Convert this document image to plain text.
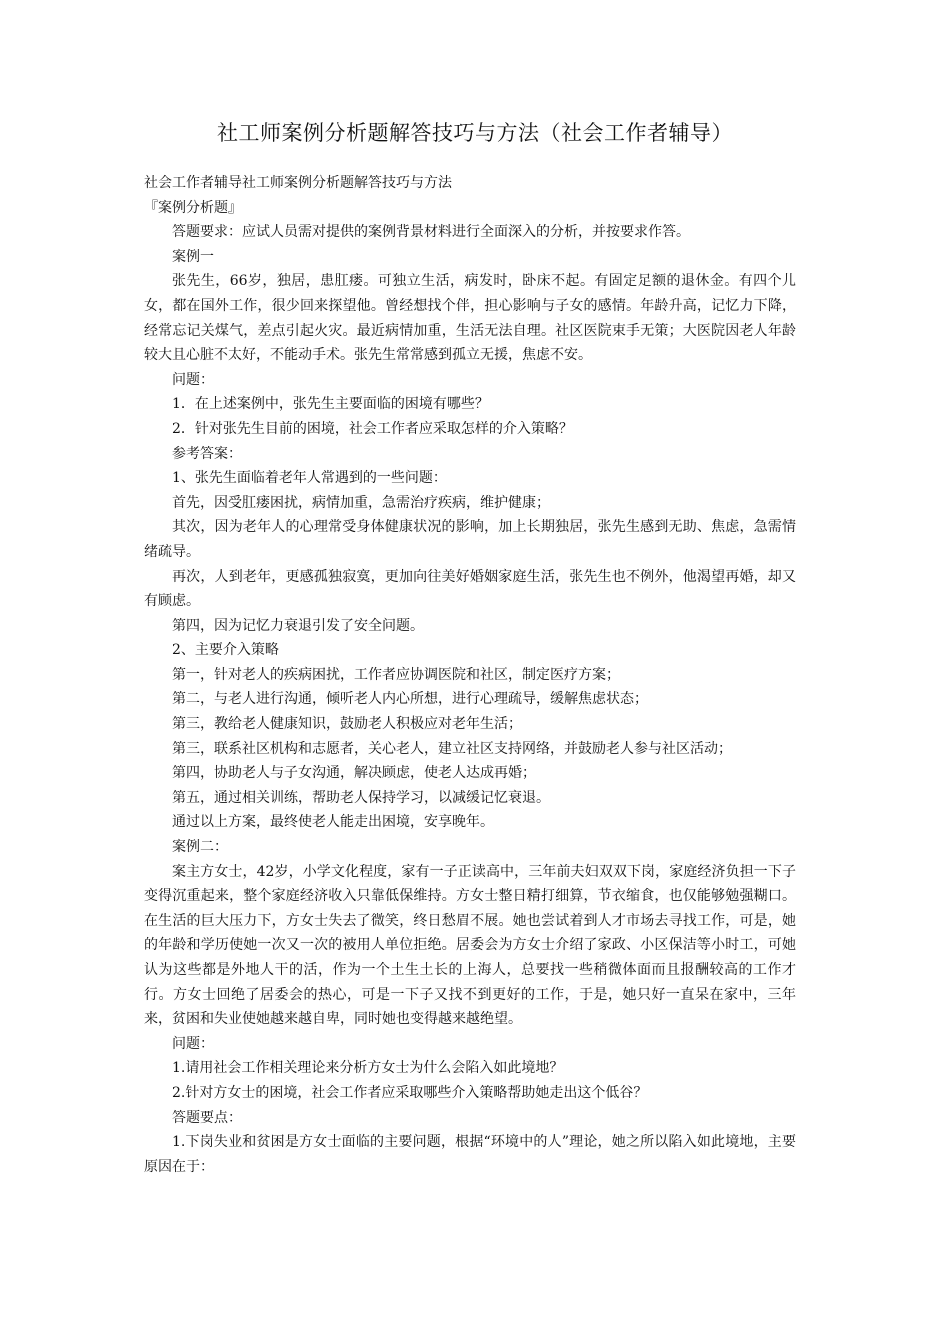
社工师案例分析题解答技巧与方法（社会工作者辅导）

社会工作者辅导社工师案例分析题解答技巧与方法

『案例分析题』

答题要求：应试人员需对提供的案例背景材料进行全面深入的分析，并按要求作答。

案例一

张先生，66岁，独居，患肛瘘。可独立生活，病发时，卧床不起。有固定足额的退休金。有四个儿女，都在国外工作，很少回来探望他。曾经想找个伴，担心影响与子女的感情。年龄升高，记忆力下降，经常忘记关煤气，差点引起火灾。最近病情加重，生活无法自理。社区医院束手无策；大医院因老人年龄较大且心脏不太好，不能动手术。张先生常常感到孤立无援，焦虑不安。

问题：

1．在上述案例中，张先生主要面临的困境有哪些？

2．针对张先生目前的困境，社会工作者应采取怎样的介入策略？

参考答案：

1、张先生面临着老年人常遇到的一些问题：

首先，因受肛瘘困扰，病情加重，急需治疗疾病，维护健康；

其次，因为老年人的心理常受身体健康状况的影响，加上长期独居，张先生感到无助、焦虑，急需情绪疏导。

再次，人到老年，更感孤独寂寞，更加向往美好婚姻家庭生活，张先生也不例外，他渴望再婚，却又有顾虑。

第四，因为记忆力衰退引发了安全问题。

2、主要介入策略

第一，针对老人的疾病困扰，工作者应协调医院和社区，制定医疗方案；

第二，与老人进行沟通，倾听老人内心所想，进行心理疏导，缓解焦虑状态；

第三，教给老人健康知识，鼓励老人积极应对老年生活；

第三，联系社区机构和志愿者，关心老人，建立社区支持网络，并鼓励老人参与社区活动；

第四，协助老人与子女沟通，解决顾虑，使老人达成再婚；

第五，通过相关训练，帮助老人保持学习，以减缓记忆衰退。

通过以上方案，最终使老人能走出困境，安享晚年。

案例二：

案主方女士，42岁，小学文化程度，家有一子正读高中，三年前夫妇双双下岗，家庭经济负担一下子变得沉重起来，整个家庭经济收入只靠低保维持。方女士整日精打细算，节衣缩食，也仅能够勉强糊口。在生活的巨大压力下，方女士失去了微笑，终日愁眉不展。她也尝试着到人才市场去寻找工作，可是，她的年龄和学历使她一次又一次的被用人单位拒绝。居委会为方女士介绍了家政、小区保洁等小时工，可她认为这些都是外地人干的活，作为一个土生土长的上海人，总要找一些稍微体面而且报酬较高的工作才行。方女士回绝了居委会的热心，可是一下子又找不到更好的工作，于是，她只好一直呆在家中，三年来，贫困和失业使她越来越自卑，同时她也变得越来越绝望。

问题：

1.请用社会工作相关理论来分析方女士为什么会陷入如此境地？

2.针对方女士的困境，社会工作者应采取哪些介入策略帮助她走出这个低谷？

答题要点：

1.下岗失业和贫困是方女士面临的主要问题，根据“环境中的人”理论，她之所以陷入如此境地，主要原因在于：
